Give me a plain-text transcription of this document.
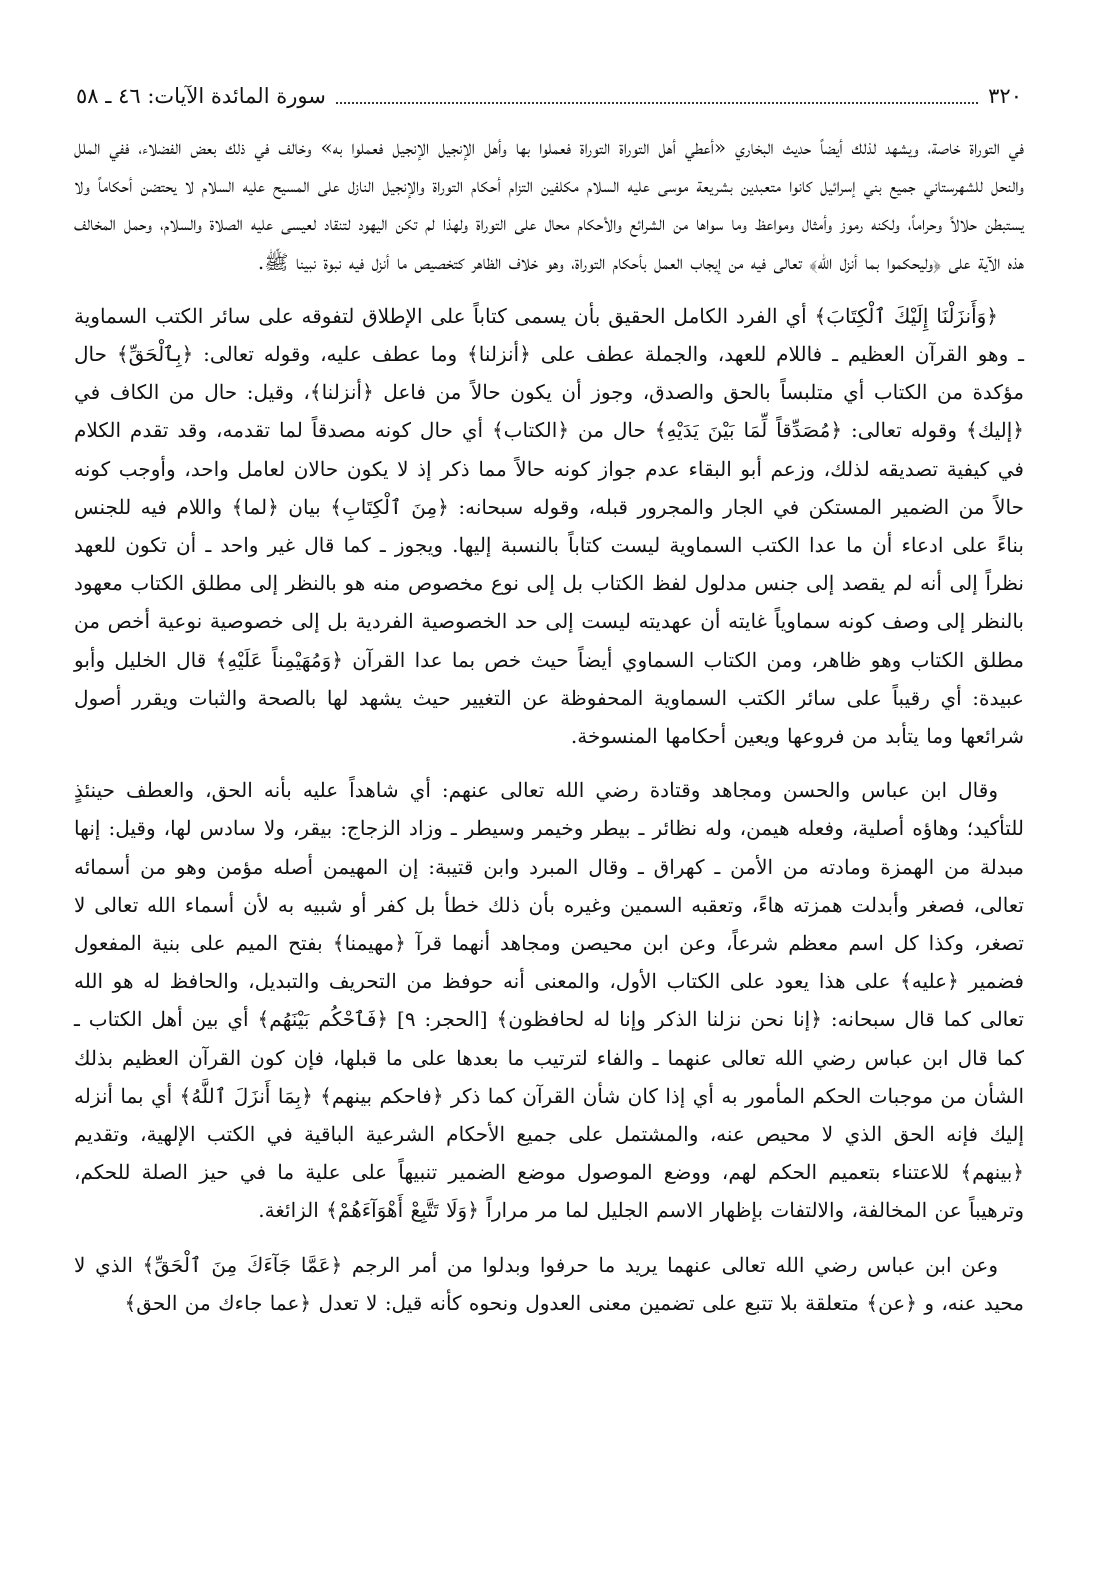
٣٢٠
سورة المائدة الآيات: ٤٦ ـ ٥٨

في التوراة خاصة، ويشهد لذلك أيضاً حديث البخاري «أعطي أهل التوراة التوراة فعملوا بها وأهل الإنجيل الإنجيل فعملوا به» وخالف في ذلك بعض الفضلاء، ففي الملل والنحل للشهرستاني جميع بني إسرائيل كانوا متعبدين بشريعة موسى عليه السلام مكلفين التزام أحكام التوراة والإنجيل النازل على المسيح عليه السلام لا يحتضن أحكاماً ولا يستبطن حلالاً وحراماً، ولكنه رموز وأمثال ومواعظ وما سواها من الشرائع والأحكام محال على التوراة ولهذا لم تكن اليهود لتنقاد لعيسى عليه الصلاة والسلام، وحمل المخالف هذه الآية على ﴿وليحكموا بما أنزل الله﴾ تعالى فيه من إيجاب العمل بأحكام التوراة، وهو خلاف الظاهر كتخصيص ما أنزل فيه نبوة نبينا ﷺ.

﴿وَأَنزَلْنَا إِلَيْكَ ٱلْكِتَابَ﴾ أي الفرد الكامل الحقيق بأن يسمى كتاباً على الإطلاق لتفوقه على سائر الكتب السماوية ـ وهو القرآن العظيم ـ فاللام للعهد، والجملة عطف على ﴿أنزلنا﴾ وما عطف عليه، وقوله تعالى: ﴿بِٱلْحَقِّ﴾ حال مؤكدة من الكتاب أي متلبساً بالحق والصدق، وجوز أن يكون حالاً من فاعل ﴿أنزلنا﴾، وقيل: حال من الكاف في ﴿إليك﴾ وقوله تعالى: ﴿مُصَدِّقاً لِّمَا بَيْنَ يَدَيْهِ﴾ حال من ﴿الكتاب﴾ أي حال كونه مصدقاً لما تقدمه، وقد تقدم الكلام في كيفية تصديقه لذلك، وزعم أبو البقاء عدم جواز كونه حالاً مما ذكر إذ لا يكون حالان لعامل واحد، وأوجب كونه حالاً من الضمير المستكن في الجار والمجرور قبله، وقوله سبحانه: ﴿مِنَ ٱلْكِتَابِ﴾ بيان ﴿لما﴾ واللام فيه للجنس بناءً على ادعاء أن ما عدا الكتب السماوية ليست كتاباً بالنسبة إليها. ويجوز ـ كما قال غير واحد ـ أن تكون للعهد نظراً إلى أنه لم يقصد إلى جنس مدلول لفظ الكتاب بل إلى نوع مخصوص منه هو بالنظر إلى مطلق الكتاب معهود بالنظر إلى وصف كونه سماوياً غايته أن عهديته ليست إلى حد الخصوصية الفردية بل إلى خصوصية نوعية أخص من مطلق الكتاب وهو ظاهر، ومن الكتاب السماوي أيضاً حيث خص بما عدا القرآن ﴿وَمُهَيْمِناً عَلَيْهِ﴾ قال الخليل وأبو عبيدة: أي رقيباً على سائر الكتب السماوية المحفوظة عن التغيير حيث يشهد لها بالصحة والثبات ويقرر أصول شرائعها وما يتأبد من فروعها ويعين أحكامها المنسوخة.

وقال ابن عباس والحسن ومجاهد وقتادة رضي الله تعالى عنهم: أي شاهداً عليه بأنه الحق، والعطف حينئذٍ للتأكيد؛ وهاؤه أصلية، وفعله هيمن، وله نظائر ـ بيطر وخيمر وسيطر ـ وزاد الزجاج: بيقر، ولا سادس لها، وقيل: إنها مبدلة من الهمزة ومادته من الأمن ـ كهراق ـ وقال المبرد وابن قتيبة: إن المهيمن أصله مؤمن وهو من أسمائه تعالى، فصغر وأبدلت همزته هاءً، وتعقبه السمين وغيره بأن ذلك خطأ بل كفر أو شبيه به لأن أسماء الله تعالى لا تصغر، وكذا كل اسم معظم شرعاً، وعن ابن محيصن ومجاهد أنهما قرآ ﴿مهيمنا﴾ بفتح الميم على بنية المفعول فضمير ﴿عليه﴾ على هذا يعود على الكتاب الأول، والمعنى أنه حوفظ من التحريف والتبديل، والحافظ له هو الله تعالى كما قال سبحانه: ﴿إنا نحن نزلنا الذكر وإنا له لحافظون﴾ [الحجر: ٩] ﴿فَٱحْكُم بَيْنَهُم﴾ أي بين أهل الكتاب ـ كما قال ابن عباس رضي الله تعالى عنهما ـ والفاء لترتيب ما بعدها على ما قبلها، فإن كون القرآن العظيم بذلك الشأن من موجبات الحكم المأمور به أي إذا كان شأن القرآن كما ذكر ﴿فاحكم بينهم﴾ ﴿بِمَا أَنزَلَ ٱللَّهُ﴾ أي بما أنزله إليك فإنه الحق الذي لا محيص عنه، والمشتمل على جميع الأحكام الشرعية الباقية في الكتب الإلهية، وتقديم ﴿بينهم﴾ للاعتناء بتعميم الحكم لهم، ووضع الموصول موضع الضمير تنبيهاً على علية ما في حيز الصلة للحكم، وترهيباً عن المخالفة، والالتفات بإظهار الاسم الجليل لما مر مراراً ﴿وَلَا تَتَّبِعْ أَهْوَآءَهُمْ﴾ الزائغة.

وعن ابن عباس رضي الله تعالى عنهما يريد ما حرفوا وبدلوا من أمر الرجم ﴿عَمَّا جَآءَكَ مِنَ ٱلْحَقِّ﴾ الذي لا محيد عنه، و ﴿عن﴾ متعلقة بلا تتبع على تضمين معنى العدول ونحوه كأنه قيل: لا تعدل ﴿عما جاءك من الحق﴾
